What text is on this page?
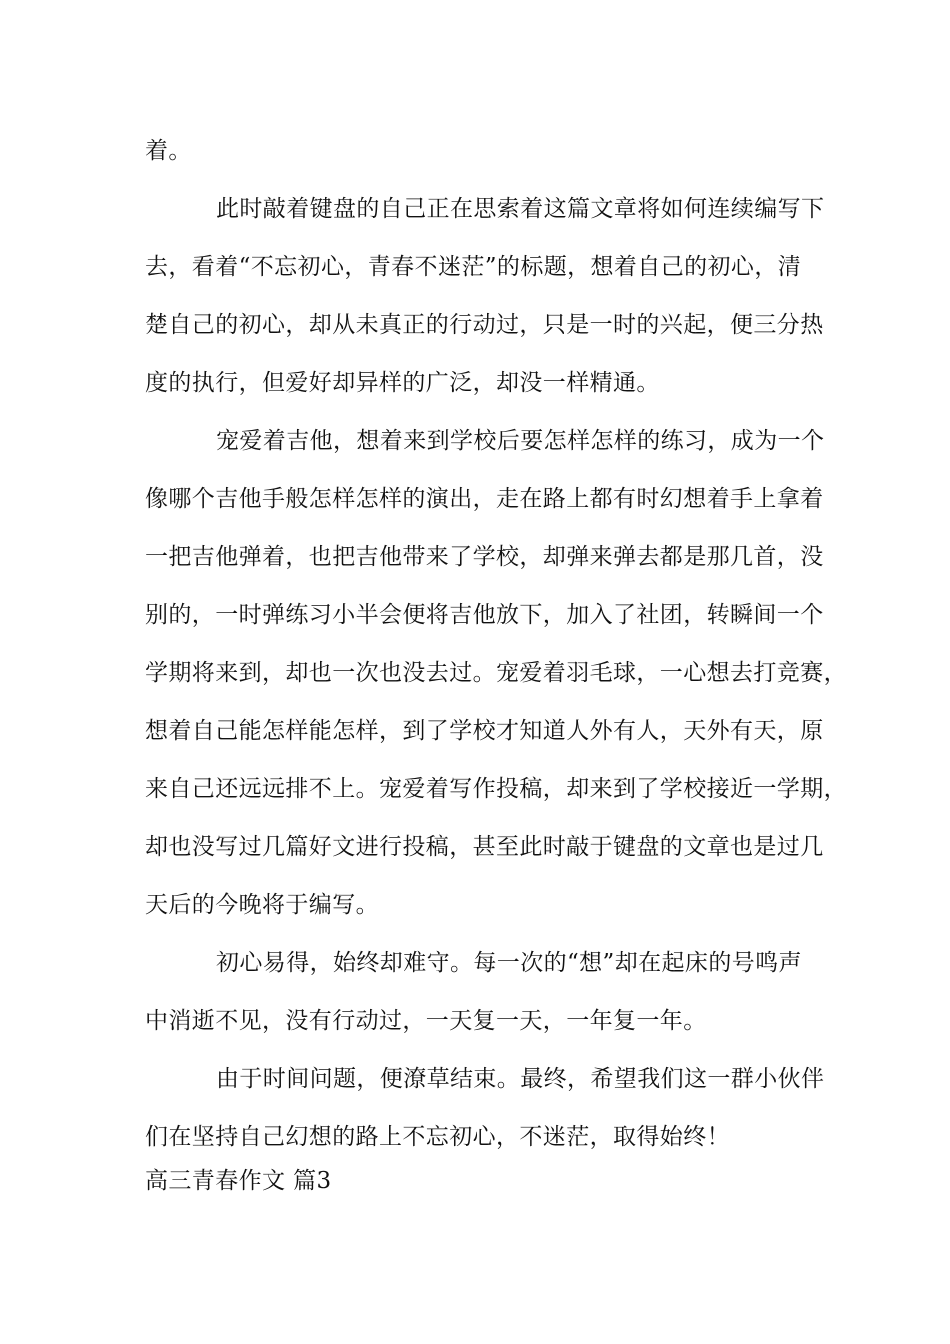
着。
此时敲着键盘的自己正在思索着这篇文章将如何连续编写下
去，看着“不忘初心，青春不迷茫”的标题，想着自己的初心，清
楚自己的初心，却从未真正的行动过，只是一时的兴起，便三分热
度的执行，但爱好却异样的广泛，却没一样精通。
宠爱着吉他，想着来到学校后要怎样怎样的练习，成为一个
像哪个吉他手般怎样怎样的演出，走在路上都有时幻想着手上拿着
一把吉他弹着，也把吉他带来了学校，却弹来弹去都是那几首，没
别的，一时弹练习小半会便将吉他放下，加入了社团，转瞬间一个
学期将来到，却也一次也没去过。宠爱着羽毛球，一心想去打竞赛，
想着自己能怎样能怎样，到了学校才知道人外有人，天外有天，原
来自己还远远排不上。宠爱着写作投稿，却来到了学校接近一学期，
却也没写过几篇好文进行投稿，甚至此时敲于键盘的文章也是过几
天后的今晚将于编写。
初心易得，始终却难守。每一次的“想”却在起床的号鸣声
中消逝不见，没有行动过，一天复一天，一年复一年。
由于时间问题，便潦草结束。最终，希望我们这一群小伙伴
们在坚持自己幻想的路上不忘初心，不迷茫，取得始终！
高三青春作文 篇3
